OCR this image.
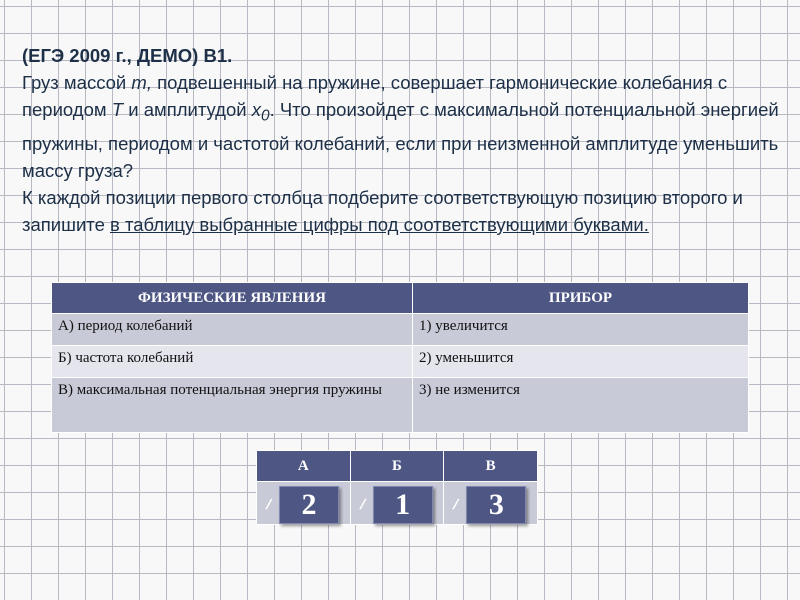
(ЕГЭ 2009 г., ДЕМО) В1.
Груз массой m, подвешенный на пружине, совершает гармонические колебания с периодом T и амплитудой $x_0$. Что произойдет с максимальной потенциальной энергией пружины, периодом и частотой колебаний, если при неизменной амплитуде уменьшить массу груза?
К каждой позиции первого столбца подберите соответствующую позицию второго и запишите в таблицу выбранные цифры под соответствующими буквами.
ФИЗИЧЕСКИЕ ЯВЛЕНИЯ	ПРИБОР
А) период колебаний	1) увеличится
Б) частота колебаний	2) уменьшится
В) максимальная потенциальная энергия пружины	3) не изменится
А	Б	В

/ 2	/ 1	/ 3
